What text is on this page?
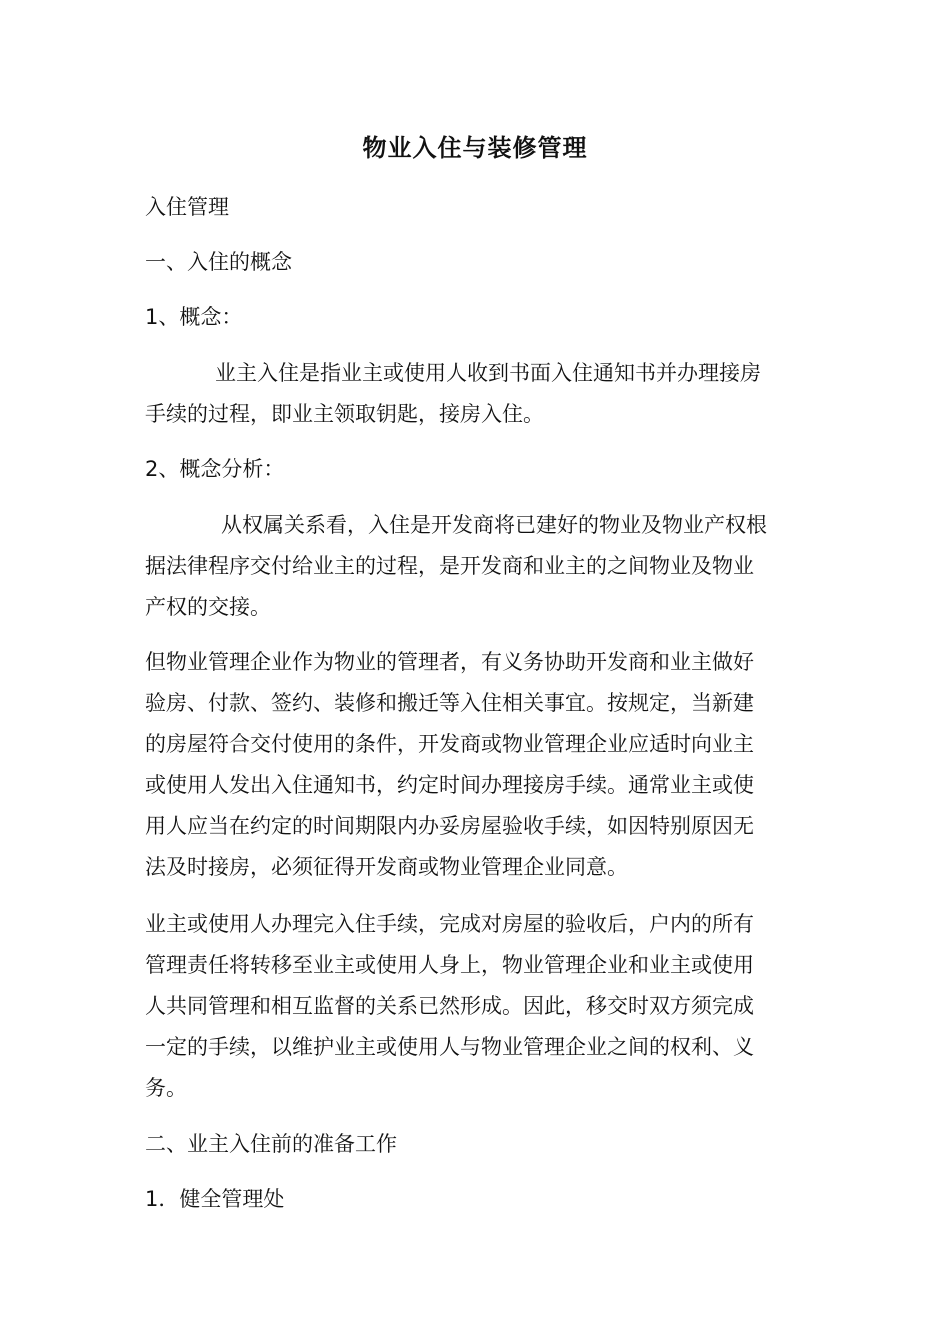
物业入住与装修管理

入住管理

一、入住的概念

1、概念：

业主入住是指业主或使用人收到书面入住通知书并办理接房
手续的过程，即业主领取钥匙，接房入住。

2、概念分析：

从权属关系看，入住是开发商将已建好的物业及物业产权根
据法律程序交付给业主的过程，是开发商和业主的之间物业及物业
产权的交接。
但物业管理企业作为物业的管理者，有义务协助开发商和业主做好
验房、付款、签约、装修和搬迁等入住相关事宜。按规定，当新建
的房屋符合交付使用的条件，开发商或物业管理企业应适时向业主
或使用人发出入住通知书，约定时间办理接房手续。通常业主或使
用人应当在约定的时间期限内办妥房屋验收手续，如因特别原因无
法及时接房，必须征得开发商或物业管理企业同意。
业主或使用人办理完入住手续，完成对房屋的验收后，户内的所有
管理责任将转移至业主或使用人身上，物业管理企业和业主或使用
人共同管理和相互监督的关系已然形成。因此，移交时双方须完成
一定的手续，以维护业主或使用人与物业管理企业之间的权利、义
务。

二、业主入住前的准备工作

1．健全管理处
